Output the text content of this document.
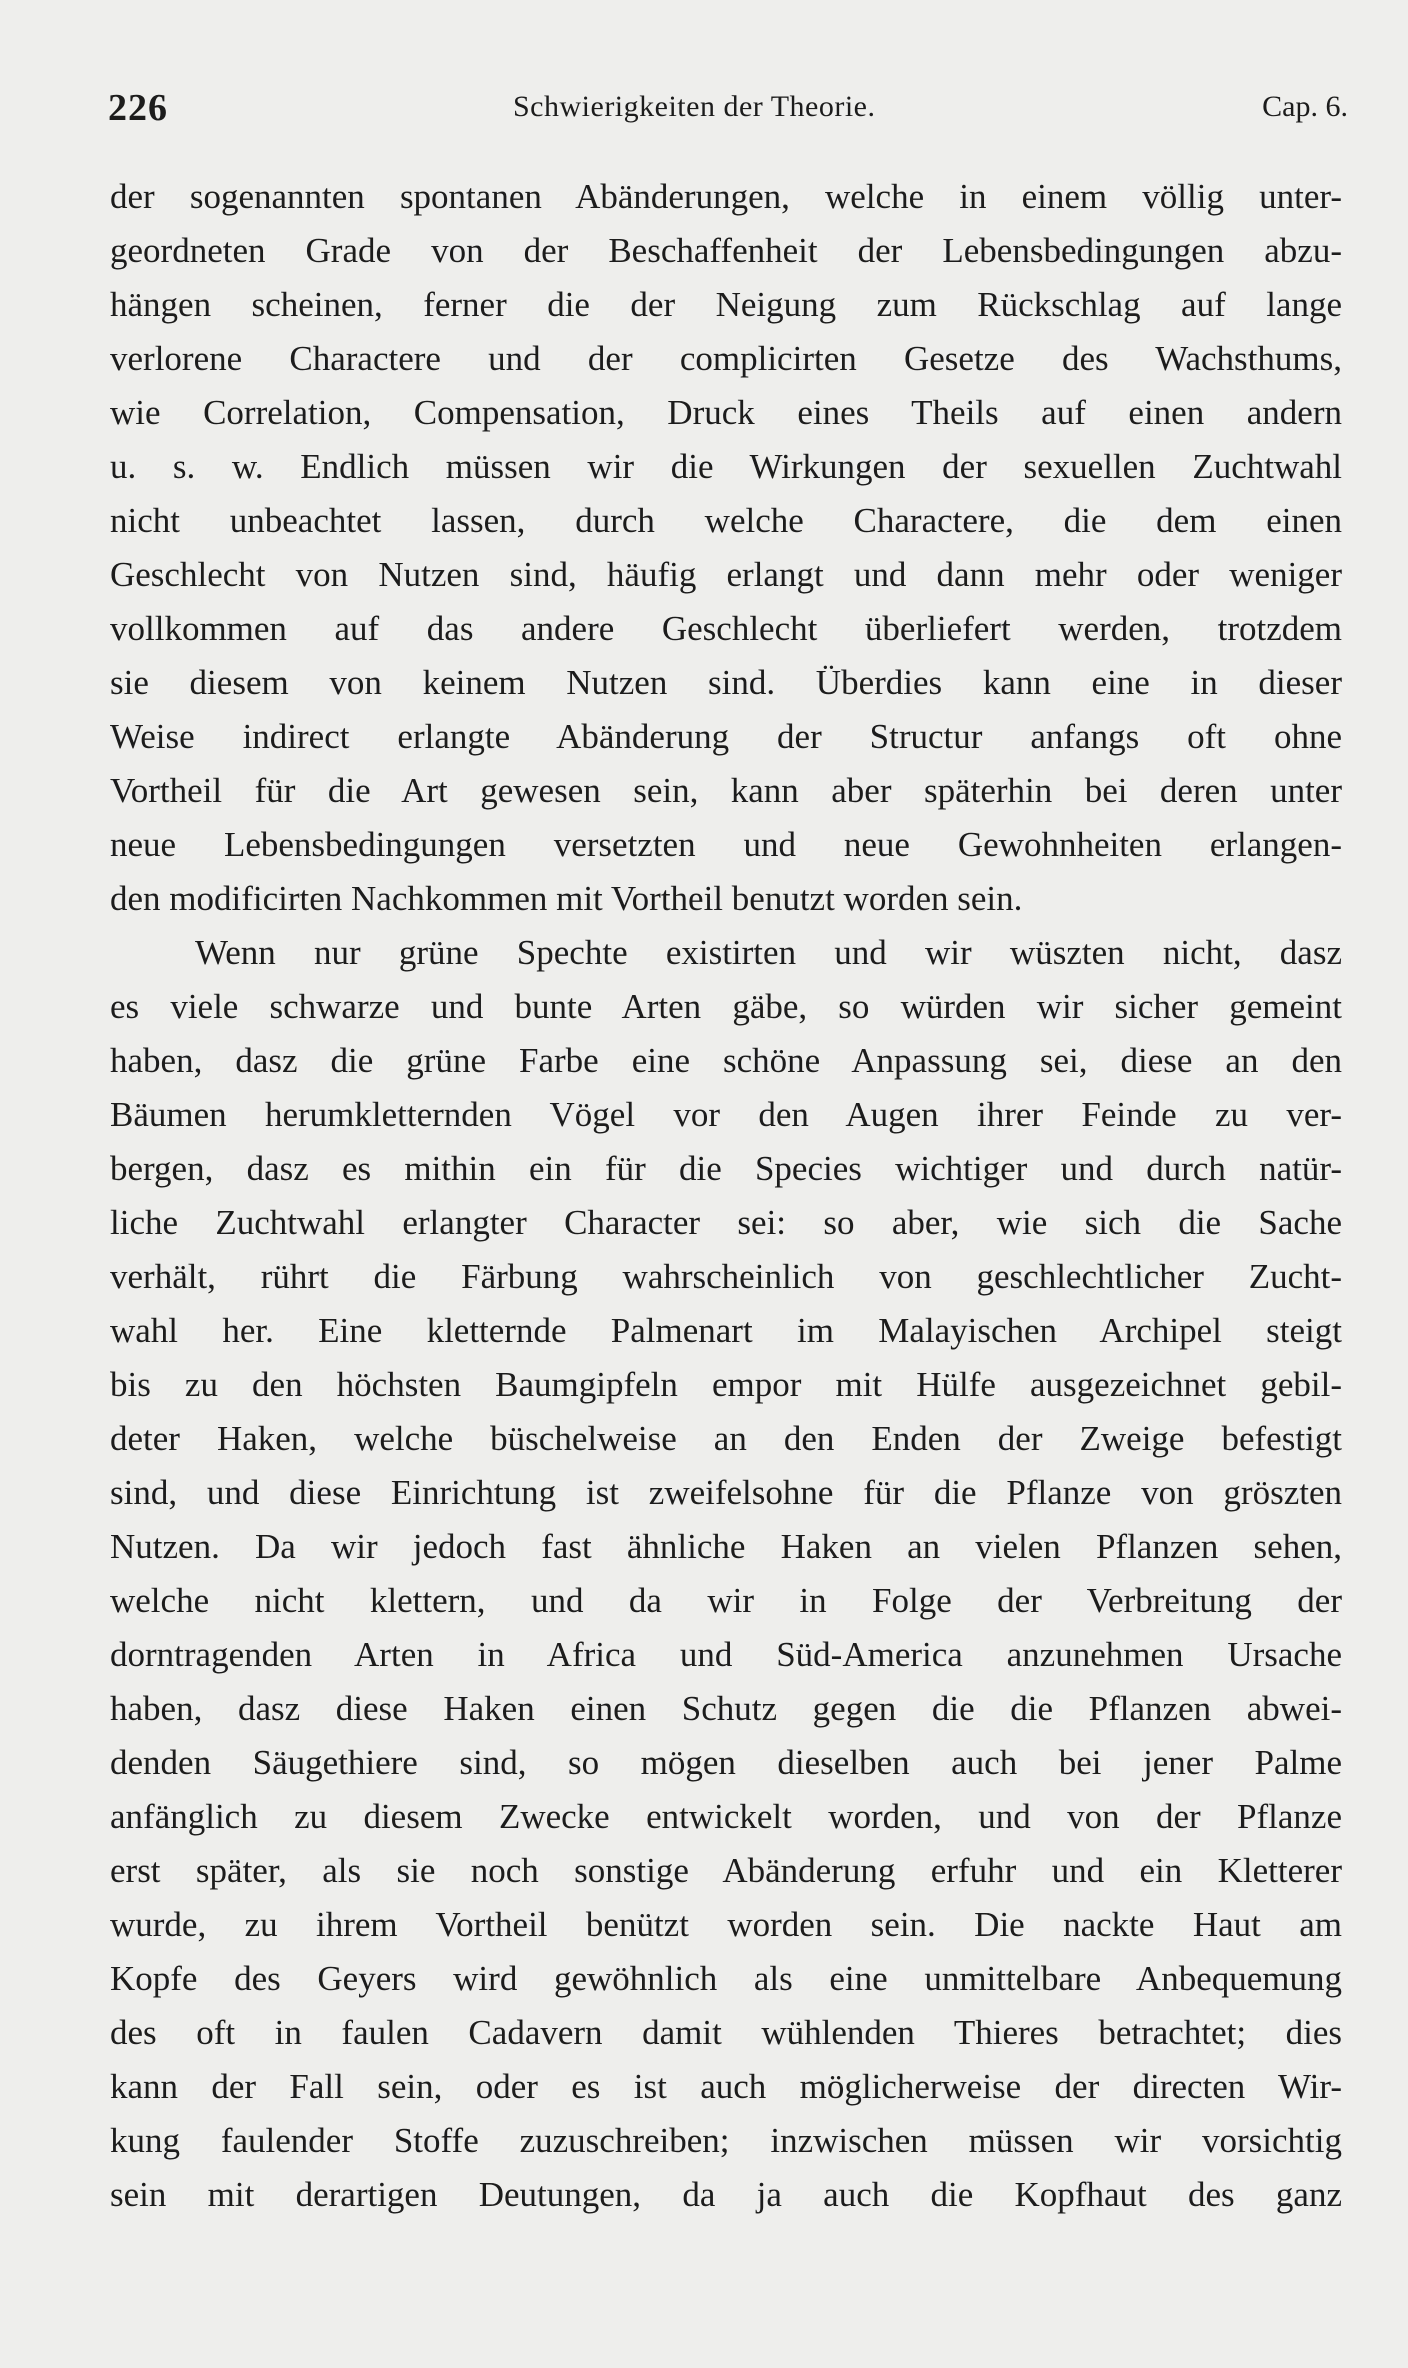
226	Schwierigkeiten der Theorie.	Cap. 6.
der sogenannten spontanen Abänderungen, welche in einem völlig unter-
geordneten Grade von der Beschaffenheit der Lebensbedingungen abzu-
hängen scheinen, ferner die der Neigung zum Rückschlag auf lange
verlorene Charactere und der complicirten Gesetze des Wachsthums,
wie Correlation, Compensation, Druck eines Theils auf einen andern
u. s. w. Endlich müssen wir die Wirkungen der sexuellen Zuchtwahl
nicht unbeachtet lassen, durch welche Charactere, die dem einen
Geschlecht von Nutzen sind, häufig erlangt und dann mehr oder weniger
vollkommen auf das andere Geschlecht überliefert werden, trotzdem
sie diesem von keinem Nutzen sind. Überdies kann eine in dieser
Weise indirect erlangte Abänderung der Structur anfangs oft ohne
Vortheil für die Art gewesen sein, kann aber späterhin bei deren unter
neue Lebensbedingungen versetzten und neue Gewohnheiten erlangen-
den modificirten Nachkommen mit Vortheil benutzt worden sein.
Wenn nur grüne Spechte existirten und wir wüszten nicht, dasz
es viele schwarze und bunte Arten gäbe, so würden wir sicher gemeint
haben, dasz die grüne Farbe eine schöne Anpassung sei, diese an den
Bäumen herumkletternden Vögel vor den Augen ihrer Feinde zu ver-
bergen, dasz es mithin ein für die Species wichtiger und durch natür-
liche Zuchtwahl erlangter Character sei: so aber, wie sich die Sache
verhält, rührt die Färbung wahrscheinlich von geschlechtlicher Zucht-
wahl her. Eine kletternde Palmenart im Malayischen Archipel steigt
bis zu den höchsten Baumgipfeln empor mit Hülfe ausgezeichnet gebil-
deter Haken, welche büschelweise an den Enden der Zweige befestigt
sind, und diese Einrichtung ist zweifelsohne für die Pflanze von gröszten
Nutzen. Da wir jedoch fast ähnliche Haken an vielen Pflanzen sehen,
welche nicht klettern, und da wir in Folge der Verbreitung der
dorntragenden Arten in Africa und Süd-America anzunehmen Ursache
haben, dasz diese Haken einen Schutz gegen die die Pflanzen abwei-
denden Säugethiere sind, so mögen dieselben auch bei jener Palme
anfänglich zu diesem Zwecke entwickelt worden, und von der Pflanze
erst später, als sie noch sonstige Abänderung erfuhr und ein Kletterer
wurde, zu ihrem Vortheil benützt worden sein. Die nackte Haut am
Kopfe des Geyers wird gewöhnlich als eine unmittelbare Anbequemung
des oft in faulen Cadavern damit wühlenden Thieres betrachtet; dies
kann der Fall sein, oder es ist auch möglicherweise der directen Wir-
kung faulender Stoffe zuzuschreiben; inzwischen müssen wir vorsichtig
sein mit derartigen Deutungen, da ja auch die Kopfhaut des ganz
